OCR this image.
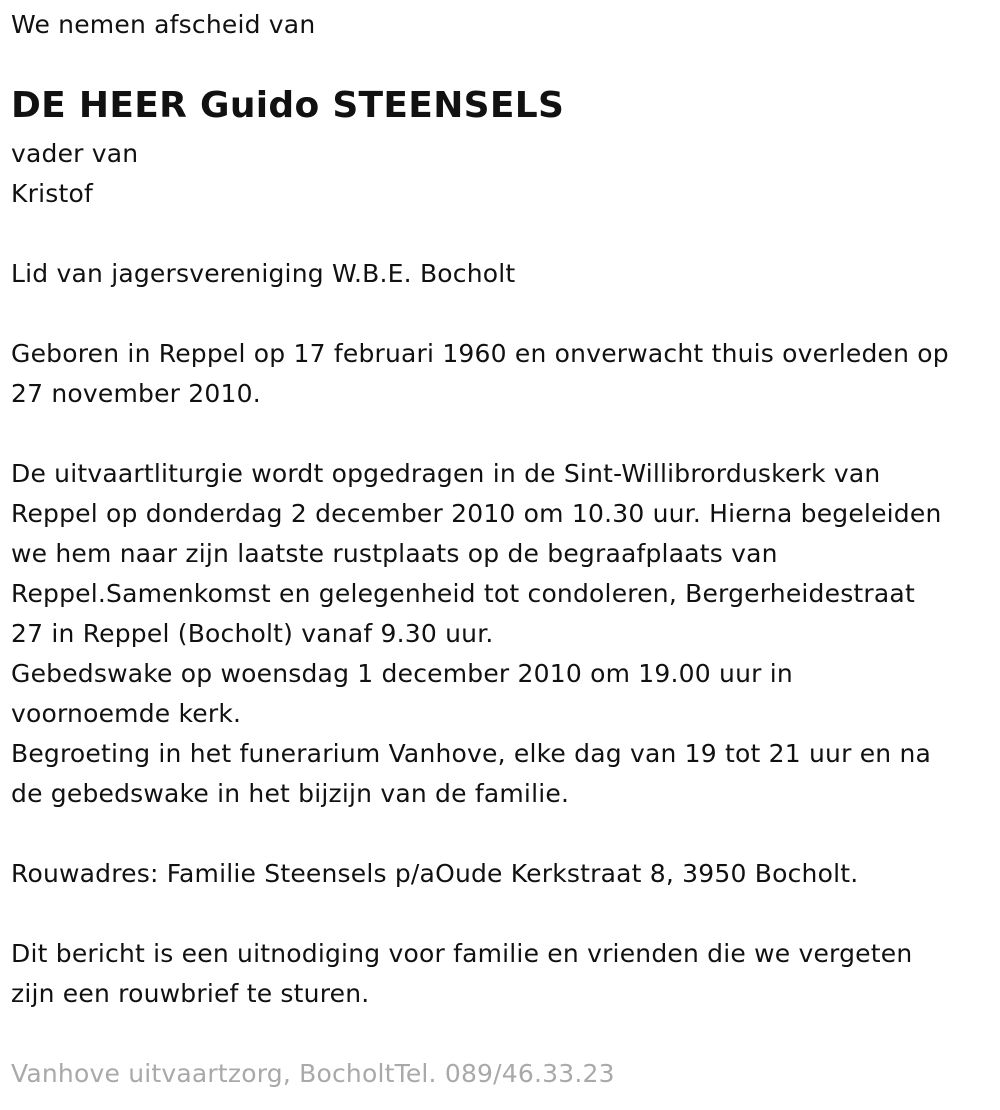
We nemen afscheid van
DE HEER Guido STEENSELS
vader van
Kristof
Lid van jagersvereniging W.B.E. Bocholt
Geboren in Reppel op 17 februari 1960 en onverwacht thuis overleden op
27 november 2010.
De uitvaartliturgie wordt opgedragen in de Sint-Willibrorduskerk van
Reppel op donderdag 2 december 2010 om 10.30 uur. Hierna begeleiden
we hem naar zijn laatste rustplaats op de begraafplaats van
Reppel.Samenkomst en gelegenheid tot condoleren, Bergerheidestraat
27 in Reppel (Bocholt) vanaf 9.30 uur.
Gebedswake op woensdag 1 december 2010 om 19.00 uur in
voornoemde kerk.
Begroeting in het funerarium Vanhove, elke dag van 19 tot 21 uur en na
de gebedswake in het bijzijn van de familie.
Rouwadres: Familie Steensels p/aOude Kerkstraat 8, 3950 Bocholt.
Dit bericht is een uitnodiging voor familie en vrienden die we vergeten
zijn een rouwbrief te sturen.
Vanhove uitvaartzorg, BocholtTel. 089/46.33.23
